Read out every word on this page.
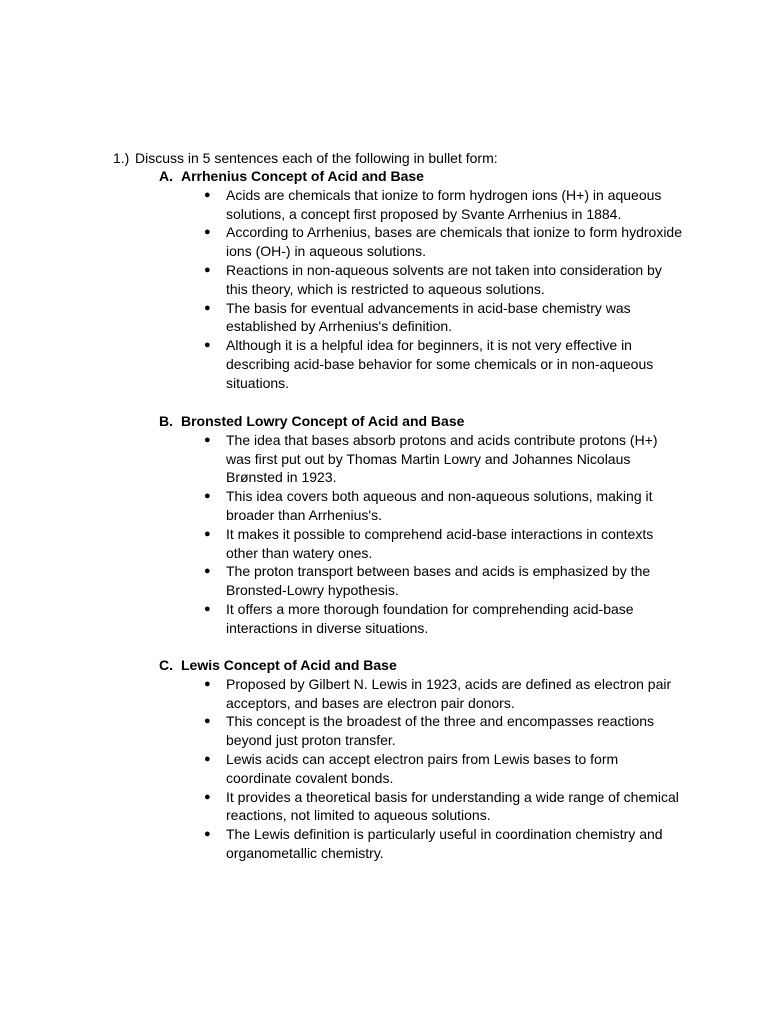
1.) Discuss in 5 sentences each of the following in bullet form:

A. Arrhenius Concept of Acid and Base

● Acids are chemicals that ionize to form hydrogen ions (H+) in aqueous solutions, a concept first proposed by Svante Arrhenius in 1884.
● According to Arrhenius, bases are chemicals that ionize to form hydroxide ions (OH-) in aqueous solutions.
● Reactions in non-aqueous solvents are not taken into consideration by this theory, which is restricted to aqueous solutions.
● The basis for eventual advancements in acid-base chemistry was established by Arrhenius's definition.
● Although it is a helpful idea for beginners, it is not very effective in describing acid-base behavior for some chemicals or in non-aqueous situations.

B. Bronsted Lowry Concept of Acid and Base

● The idea that bases absorb protons and acids contribute protons (H+) was first put out by Thomas Martin Lowry and Johannes Nicolaus Brønsted in 1923.
● This idea covers both aqueous and non-aqueous solutions, making it broader than Arrhenius's.
● It makes it possible to comprehend acid-base interactions in contexts other than watery ones.
● The proton transport between bases and acids is emphasized by the Bronsted-Lowry hypothesis.
● It offers a more thorough foundation for comprehending acid-base interactions in diverse situations.

C. Lewis Concept of Acid and Base

● Proposed by Gilbert N. Lewis in 1923, acids are defined as electron pair acceptors, and bases are electron pair donors.
● This concept is the broadest of the three and encompasses reactions beyond just proton transfer.
● Lewis acids can accept electron pairs from Lewis bases to form coordinate covalent bonds.
● It provides a theoretical basis for understanding a wide range of chemical reactions, not limited to aqueous solutions.
● The Lewis definition is particularly useful in coordination chemistry and organometallic chemistry.
